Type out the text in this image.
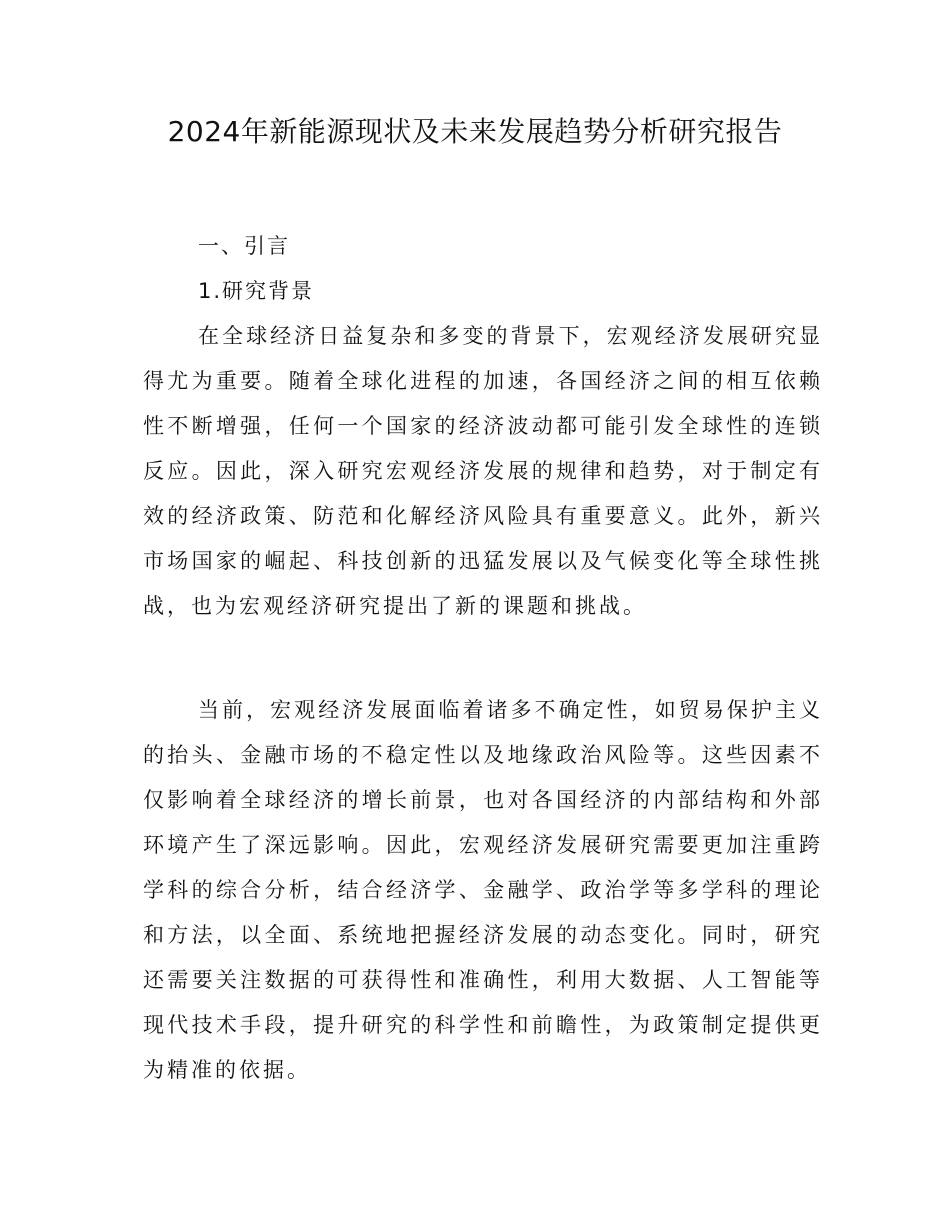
2024年新能源现状及未来发展趋势分析研究报告
一、引言
1.研究背景

在全球经济日益复杂和多变的背景下，宏观经济发展研究显得尤为重要。随着全球化进程的加速，各国经济之间的相互依赖性不断增强，任何一个国家的经济波动都可能引发全球性的连锁反应。因此，深入研究宏观经济发展的规律和趋势，对于制定有效的经济政策、防范和化解经济风险具有重要意义。此外，新兴市场国家的崛起、科技创新的迅猛发展以及气候变化等全球性挑战，也为宏观经济研究提出了新的课题和挑战。

当前，宏观经济发展面临着诸多不确定性，如贸易保护主义的抬头、金融市场的不稳定性以及地缘政治风险等。这些因素不仅影响着全球经济的增长前景，也对各国经济的内部结构和外部环境产生了深远影响。因此，宏观经济发展研究需要更加注重跨学科的综合分析，结合经济学、金融学、政治学等多学科的理论和方法，以全面、系统地把握经济发展的动态变化。同时，研究还需要关注数据的可获得性和准确性，利用大数据、人工智能等现代技术手段，提升研究的科学性和前瞻性，为政策制定提供更为精准的依据。
